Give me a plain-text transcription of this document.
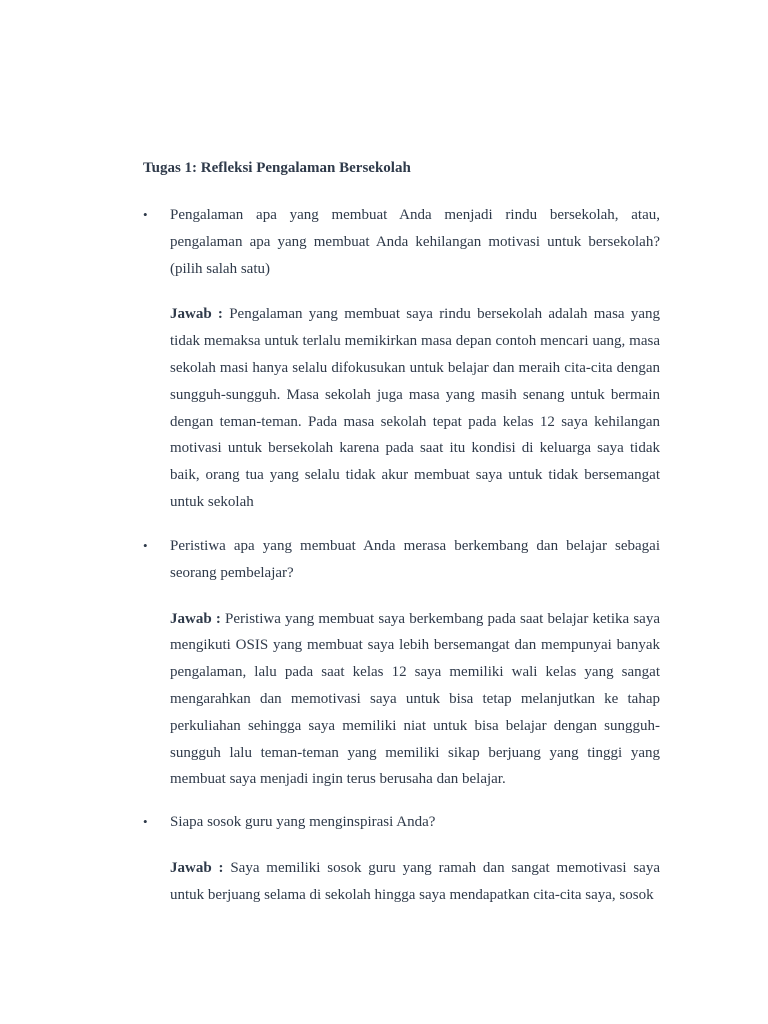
Tugas 1: Refleksi Pengalaman Bersekolah
• Pengalaman apa yang membuat Anda menjadi rindu bersekolah, atau, pengalaman apa yang membuat Anda kehilangan motivasi untuk bersekolah? (pilih salah satu)
Jawab : Pengalaman yang membuat saya rindu bersekolah adalah masa yang tidak memaksa untuk terlalu memikirkan masa depan contoh mencari uang, masa sekolah masi hanya selalu difokusukan untuk belajar dan meraih cita-cita dengan sungguh-sungguh. Masa sekolah juga masa yang masih senang untuk bermain dengan teman-teman. Pada masa sekolah tepat pada kelas 12 saya kehilangan motivasi untuk bersekolah karena pada saat itu kondisi di keluarga saya tidak baik, orang tua yang selalu tidak akur membuat saya untuk tidak bersemangat untuk sekolah
• Peristiwa apa yang membuat Anda merasa berkembang dan belajar sebagai seorang pembelajar?
Jawab : Peristiwa yang membuat saya berkembang pada saat belajar ketika saya mengikuti OSIS yang membuat saya lebih bersemangat dan mempunyai banyak pengalaman, lalu pada saat kelas 12 saya memiliki wali kelas yang sangat mengarahkan dan memotivasi saya untuk bisa tetap melanjutkan ke tahap perkuliahan sehingga saya memiliki niat untuk bisa belajar dengan sungguh-sungguh lalu teman-teman yang memiliki sikap berjuang yang tinggi yang membuat saya menjadi ingin terus berusaha dan belajar.
• Siapa sosok guru yang menginspirasi Anda?
Jawab : Saya memiliki sosok guru yang ramah dan sangat memotivasi saya untuk berjuang selama di sekolah hingga saya mendapatkan cita-cita saya, sosok
